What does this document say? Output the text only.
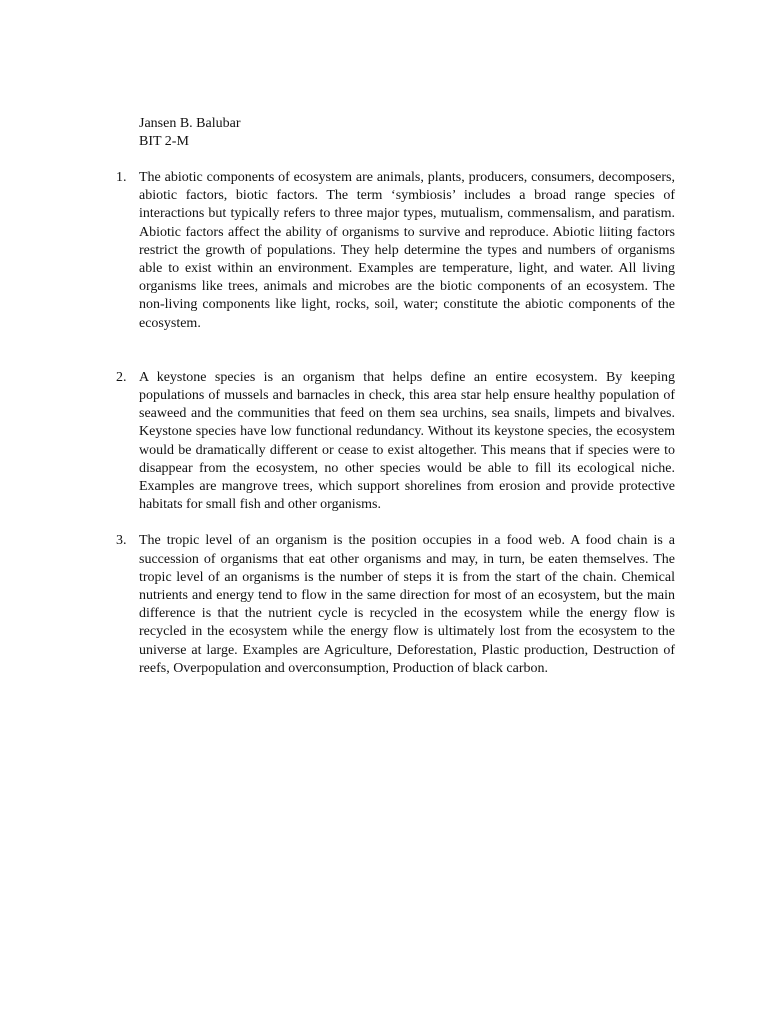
Jansen B. Balubar
BIT 2-M
1. The abiotic components of ecosystem are animals, plants, producers, consumers, decomposers, abiotic factors, biotic factors. The term ‘symbiosis’ includes a broad range species of interactions but typically refers to three major types, mutualism, commensalism, and paratism. Abiotic factors affect the ability of organisms to survive and reproduce. Abiotic liiting factors restrict the growth of populations. They help determine the types and numbers of organisms able to exist within an environment. Examples are temperature, light, and water. All living organisms like trees, animals and microbes are the biotic components of an ecosystem. The non-living components like light, rocks, soil, water; constitute the abiotic components of the ecosystem.
2. A keystone species is an organism that helps define an entire ecosystem. By keeping populations of mussels and barnacles in check, this area star help ensure healthy population of seaweed and the communities that feed on them sea urchins, sea snails, limpets and bivalves. Keystone species have low functional redundancy. Without its keystone species, the ecosystem would be dramatically different or cease to exist altogether. This means that if species were to disappear from the ecosystem, no other species would be able to fill its ecological niche. Examples are mangrove trees, which support shorelines from erosion and provide protective habitats for small fish and other organisms.
3. The tropic level of an organism is the position occupies in a food web. A food chain is a succession of organisms that eat other organisms and may, in turn, be eaten themselves. The tropic level of an organisms is the number of steps it is from the start of the chain. Chemical nutrients and energy tend to flow in the same direction for most of an ecosystem, but the main difference is that the nutrient cycle is recycled in the ecosystem while the energy flow is recycled in the ecosystem while the energy flow is ultimately lost from the ecosystem to the universe at large. Examples are Agriculture, Deforestation, Plastic production, Destruction of reefs, Overpopulation and overconsumption, Production of black carbon.
